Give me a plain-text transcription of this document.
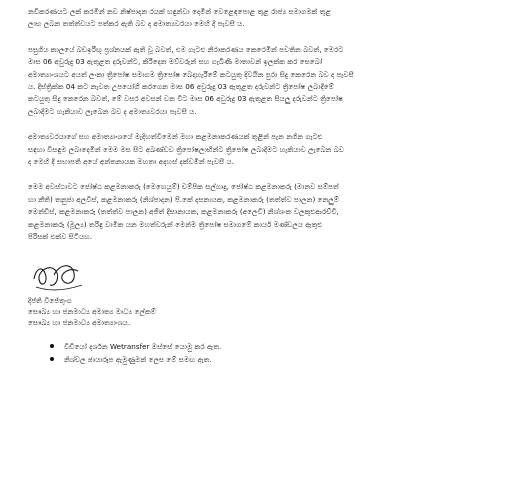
නවීකරණයට ලක් කරමින් නව නිෂ්පාදන රයක් හඳුන්වා දෙමින් වෙළෙඳපොළ තුළ රාජ්‍ය සමාගමක් තුළ
ලාභ ලබන තත්ත්වයට පත්කර ඇති බව ද අමාත්‍යවරයා මෙහි දී පැවසී ය.

පසුගිය කාලයේ බඩඉරිඟු ප්‍රශ්නයක් ඇති වූ බවත්, එම ගැටළු නිරාකරණය කෙරෙමින් පවතින බවත්, මෙරට
මාස 06 අවුරුදු 03 ඇතුළත දරුවන්ට, කිරිදෙන මව්වරුන් සහ ගැබිණි මාතාවන් ඉලක්ක කර සෙබෝ
අමාත්‍යාංශයට අයත් ලංකා ත්‍රිපෝෂ සමාගම ත්‍රිපෝෂ බෙදාහැරීමේ කටයුතු දිවයින පුරා සිදු කෙරෙන බව ද පැවසී
ය. දිස්ත්‍රික්ක 04 කට නැවත උපයෝගී කරගෙන මාස 06 අවුරුදු 03 ඇතුළත දරුවන්ට ත්‍රිපෝෂ ලබාදීමේ
කටයුතු සිදු කෙරෙන බවත්, මේ වසර අවසන් වන විට මාස 06 අවුරුදු 03 ඇතුළත සියලු දරුවන්ට ත්‍රිපෝෂ
ලබාදීමට හැකියාව ලැබෙන බව ද අමාත්‍යවරයා පැවසී ය.

අමාත්‍යවරයාගේ සහ අමාත්‍යාංශයේ මැදිහත්වීමෙන් මහා කළමනාකරණයක් තුළින් පැන නගින ගැටළු
සඳහා විසඳුම ලබාදෙමින් මෙම මස සිට අඛණ්ඩව ත්‍රිපෝෂලාභීන්ට ත්‍රිපෝෂ ලබාදීමට හැකියාව ලැබෙන බව
ද මෙහි දී සභාපති අයේ අන්තනායක මහතා අදහස් දක්වමින් පැවසී ය.

මෙම අවස්ථාවට ජෝෂ්ඨ කළමනාකරු (මෙහෙයුම්) චම්පික සල්ගාදු, ජෝෂ්ඨ කළමනාකරු (මානව සම්පත්
හා නීති) තනුජා අලවිස්, කළමනාකරු (නිශ්පාදන) පී.කේ දසනායක, කළමනාකරු (තත්ත්ව පාලන) නෙලුම්
මෙන්ඩිස්, කළමනාකරු (තත්ත්ව පාලන) අජිත් දිසානායක, කළමනාකරු (අලෙවි) නිශ්ශංක වලකුළුආරච්චි,
කළමනාකරු (මූල්‍ය) තරිඳු වාමික යන මහත්වරුන් මෙන්ම ත්‍රිපෝෂ සමාගමේ කාර්ය මණ්ඩලය ඇතුළු
පිරිසක් එක්ව සිටියහ.

දීප්ති විජේතුංග
සෞඛ්‍ය හා ජනමාධ්‍ය අමාත්‍ය මාධ්‍ය ලේකම්
සෞඛ්‍ය හා ජනමාධ්‍ය අමාත්‍යාංශය.
වීඩියෝ දර්ශන Wetransfer ඔස්සේ යොමු කර ඇත.
නිශ්චල ඡායාරූප ඇමුණුමක් ලෙස මේ සමඟ ඇත.
